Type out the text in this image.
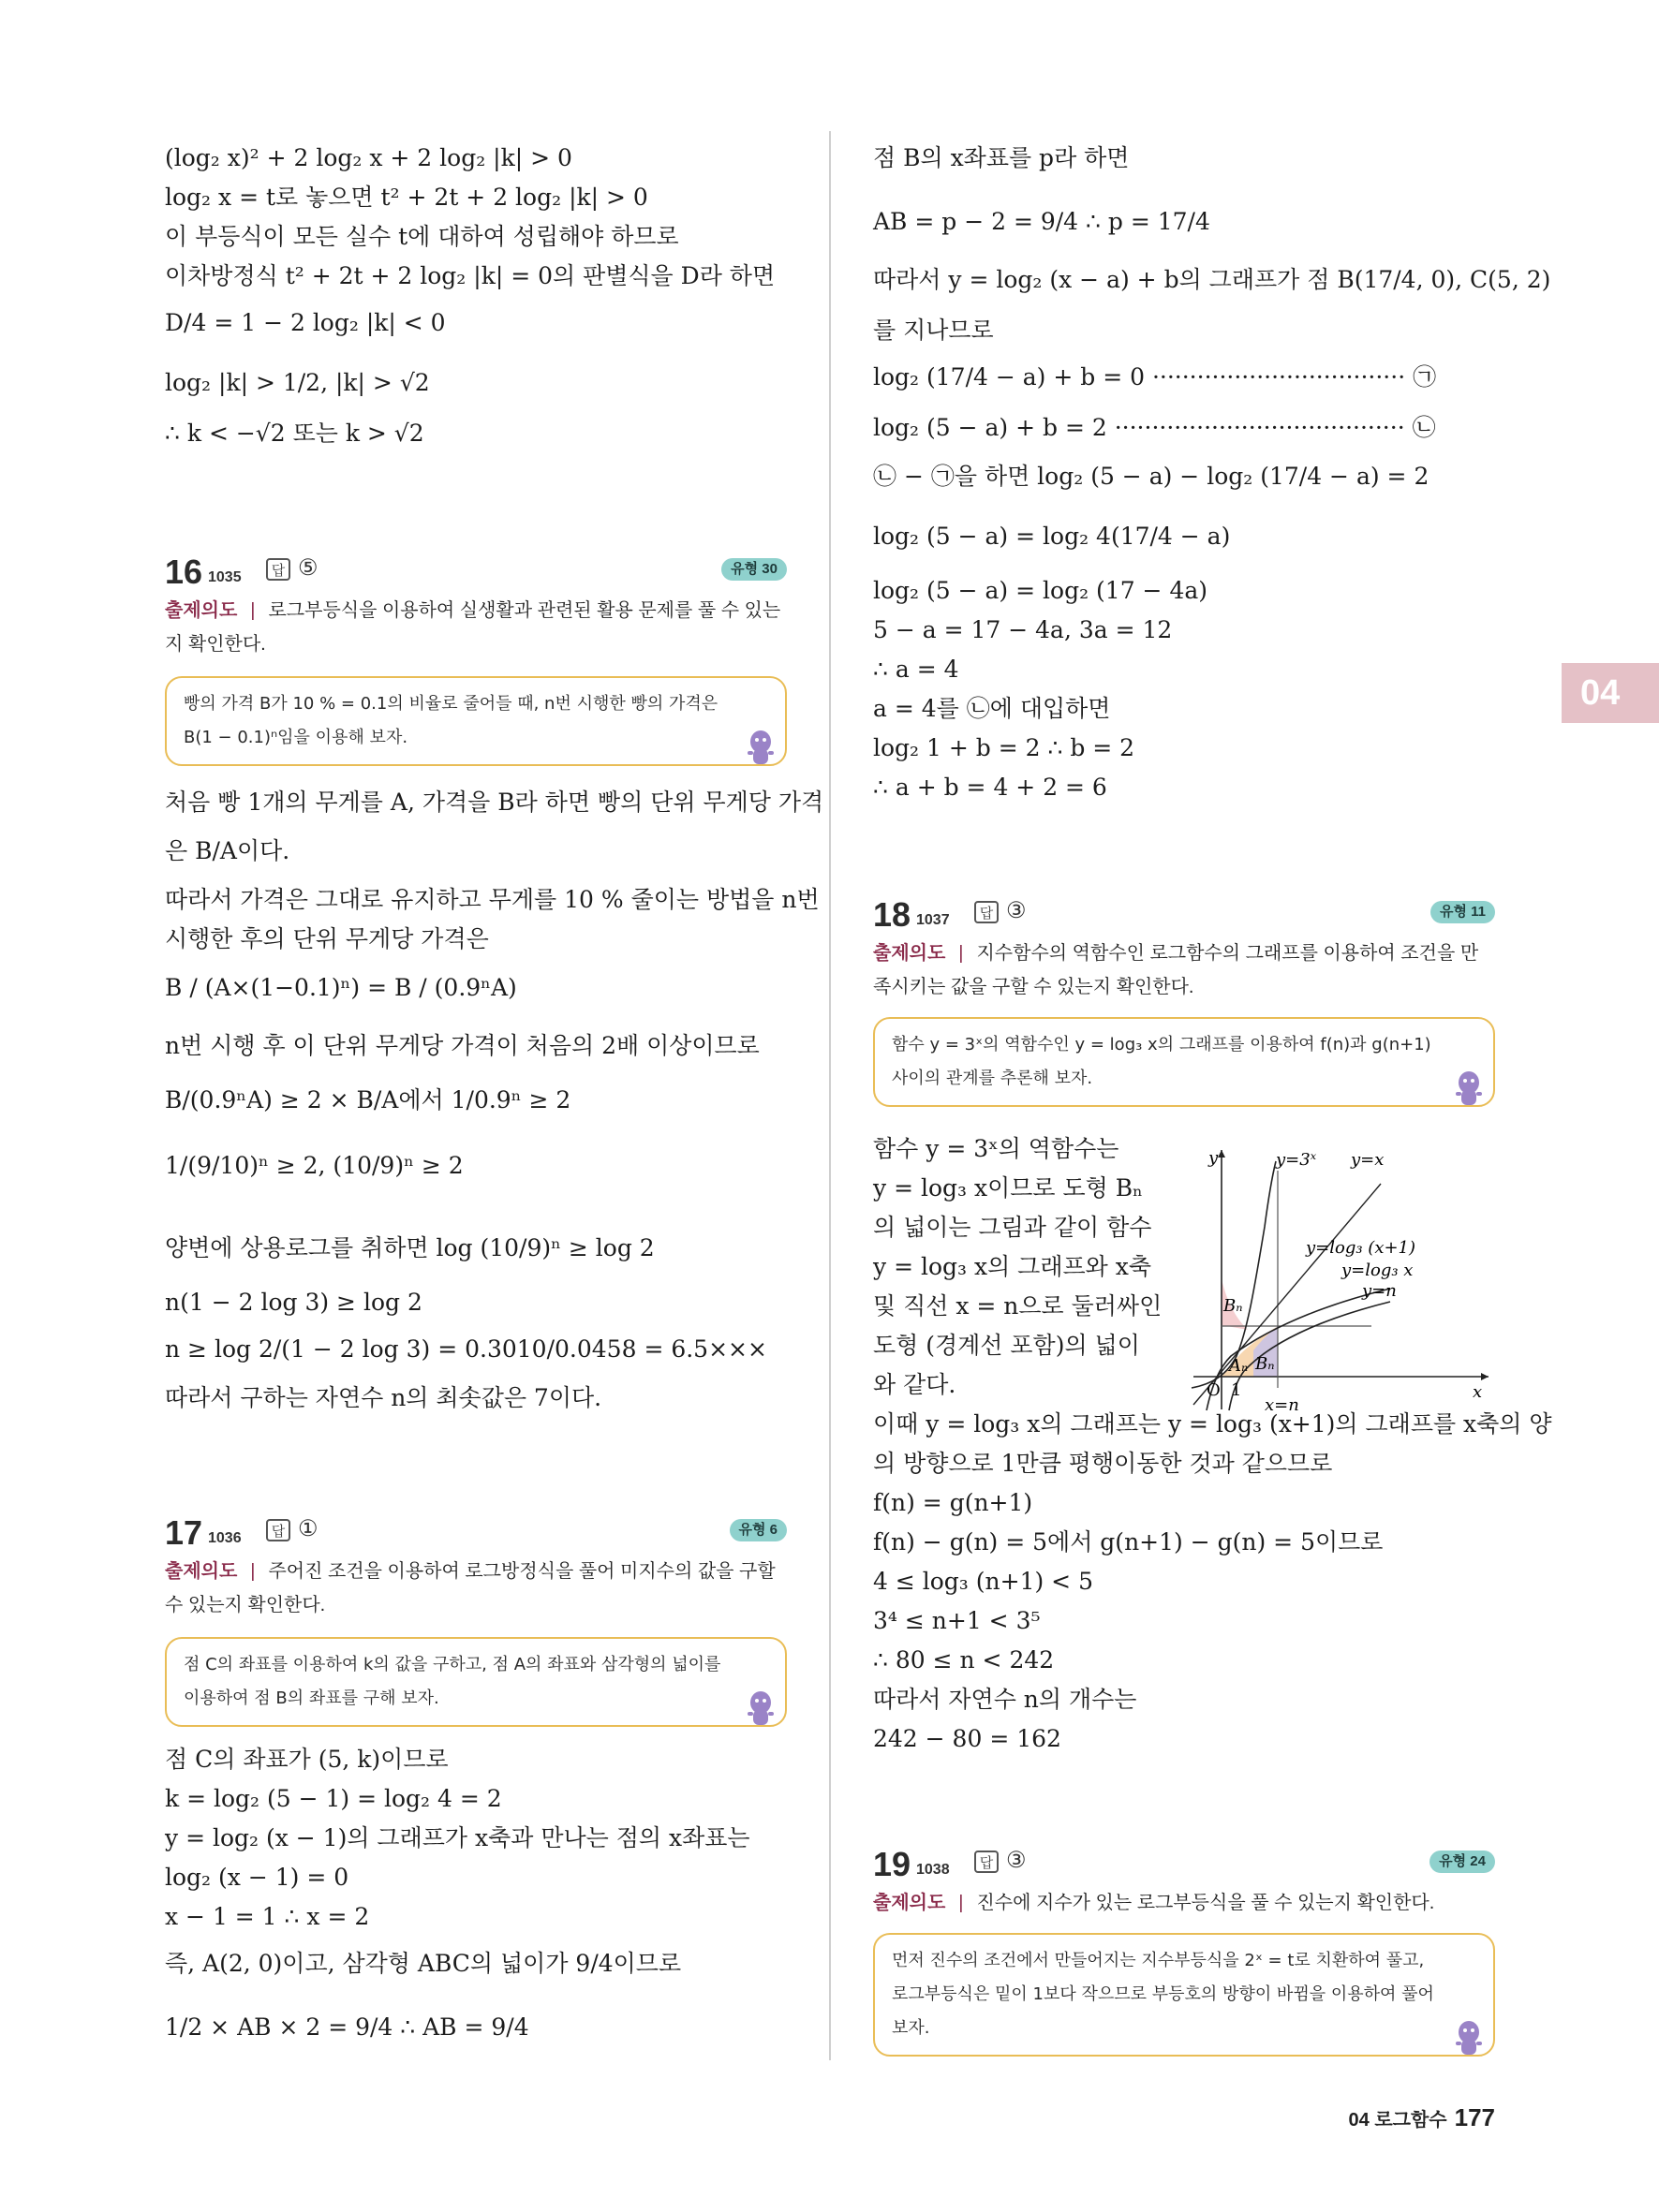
(log₂ x)² + 2 log₂ x + 2 log₂ |k| > 0
log₂ x = t로 놓으면 t² + 2t + 2 log₂ |k| > 0
이 부등식이 모든 실수 t에 대하여 성립해야 하므로
이차방정식 t² + 2t + 2 log₂ |k| = 0의 판별식을 D라 하면
D/4 = 1 − 2 log₂ |k| < 0
log₂ |k| > 1/2, |k| > √2
∴ k < −√2 또는 k > √2
16 1035	답 ⑤	유형 30
출제의도 | 로그부등식을 이용하여 실생활과 관련된 활용 문제를 풀 수 있는지 확인한다.
빵의 가격 B가 10 % = 0.1의 비율로 줄어들 때, n번 시행한 빵의 가격은 B(1 − 0.1)ⁿ임을 이용해 보자.
처음 빵 1개의 무게를 A, 가격을 B라 하면 빵의 단위 무게당 가격
은 B/A이다.
따라서 가격은 그대로 유지하고 무게를 10 % 줄이는 방법을 n번
시행한 후의 단위 무게당 가격은
B / (A×(1−0.1)ⁿ) = B / (0.9ⁿA)
n번 시행 후 이 단위 무게당 가격이 처음의 2배 이상이므로
B/(0.9ⁿA) ≥ 2 × B/A에서 1/0.9ⁿ ≥ 2
1/(9/10)ⁿ ≥ 2, (10/9)ⁿ ≥ 2
양변에 상용로그를 취하면 log (10/9)ⁿ ≥ log 2
n(1 − 2 log 3) ≥ log 2
n ≥ log 2/(1 − 2 log 3) = 0.3010/0.0458 = 6.5×××
따라서 구하는 자연수 n의 최솟값은 7이다.
17 1036	답 ①	유형 6
출제의도 | 주어진 조건을 이용하여 로그방정식을 풀어 미지수의 값을 구할 수 있는지 확인한다.
점 C의 좌표를 이용하여 k의 값을 구하고, 점 A의 좌표와 삼각형의 넓이를 이용하여 점 B의 좌표를 구해 보자.
점 C의 좌표가 (5, k)이므로
k = log₂ (5 − 1) = log₂ 4 = 2
y = log₂ (x − 1)의 그래프가 x축과 만나는 점의 x좌표는
log₂ (x − 1) = 0
x − 1 = 1 ∴ x = 2
즉, A(2, 0)이고, 삼각형 ABC의 넓이가 9/4이므로
1/2 × AB × 2 = 9/4 ∴ AB = 9/4
점 B의 x좌표를 p라 하면
AB = p − 2 = 9/4 ∴ p = 17/4
따라서 y = log₂ (x − a) + b의 그래프가 점 B(17/4, 0), C(5, 2)
를 지나므로
log₂ (17/4 − a) + b = 0 ·································· ㉠
log₂ (5 − a) + b = 2 ······································· ㉡
㉡ − ㉠을 하면 log₂ (5 − a) − log₂ (17/4 − a) = 2
log₂ (5 − a) = log₂ 4(17/4 − a)
log₂ (5 − a) = log₂ (17 − 4a)
5 − a = 17 − 4a, 3a = 12
∴ a = 4
a = 4를 ㉡에 대입하면
log₂ 1 + b = 2 ∴ b = 2
∴ a + b = 4 + 2 = 6
18 1037	답 ③	유형 11
출제의도 | 지수함수의 역함수인 로그함수의 그래프를 이용하여 조건을 만족시키는 값을 구할 수 있는지 확인한다.
함수 y = 3ˣ의 역함수인 y = log₃ x의 그래프를 이용하여 f(n)과 g(n+1) 사이의 관계를 추론해 보자.
함수 y = 3ˣ의 역함수는
y = log₃ x이므로 도형 Bₙ
의 넓이는 그림과 같이 함수
y = log₃ x의 그래프와 x축
및 직선 x = n으로 둘러싸인
도형 (경계선 포함)의 넓이
와 같다.
y
x
O 1
y=3ˣ y=x
y=log₃ (x+1)
y=log₃ x
y=n
x=n
Bₙ
Aₙ Bₙ
이때 y = log₃ x의 그래프는 y = log₃ (x+1)의 그래프를 x축의 양
의 방향으로 1만큼 평행이동한 것과 같으므로
f(n) = g(n+1)
f(n) − g(n) = 5에서 g(n+1) − g(n) = 5이므로
4 ≤ log₃ (n+1) < 5
3⁴ ≤ n+1 < 3⁵
∴ 80 ≤ n < 242
따라서 자연수 n의 개수는
242 − 80 = 162
19 1038	답 ③	유형 24
출제의도 | 진수에 지수가 있는 로그부등식을 풀 수 있는지 확인한다.
먼저 진수의 조건에서 만들어지는 지수부등식을 2ˣ = t로 치환하여 풀고, 로그부등식은 밑이 1보다 작으므로 부등호의 방향이 바뀜을 이용하여 풀어 보자.
04
04 로그함수 177
